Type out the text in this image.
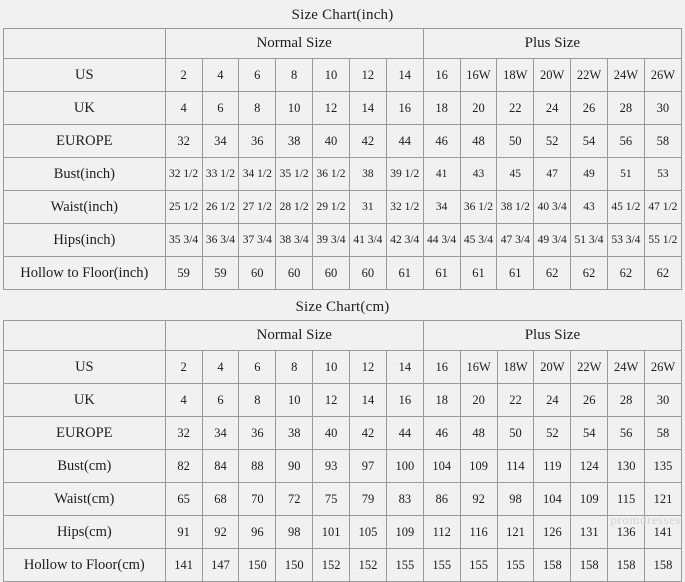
Size Chart(inch)														
	Normal Size							Plus Size						
US	2	4	6	8	10	12	14	16	16W	18W	20W	22W	24W	26W
UK	4	6	8	10	12	14	16	18	20	22	24	26	28	30
EUROPE	32	34	36	38	40	42	44	46	48	50	52	54	56	58
Bust(inch)	32 1/2	33 1/2	34 1/2	35 1/2	36 1/2	38	39 1/2	41	43	45	47	49	51	53
Waist(inch)	25 1/2	26 1/2	27 1/2	28 1/2	29 1/2	31	32 1/2	34	36 1/2	38 1/2	40 3/4	43	45 1/2	47 1/2
Hips(inch)	35 3/4	36 3/4	37 3/4	38 3/4	39 3/4	41 3/4	42 3/4	44 3/4	45 3/4	47 3/4	49 3/4	51 3/4	53 3/4	55 1/2
Hollow to Floor(inch)	59	59	60	60	60	60	61	61	61	61	62	62	62	62
Size Chart(cm)														
	Normal Size							Plus Size						
US	2	4	6	8	10	12	14	16	16W	18W	20W	22W	24W	26W
UK	4	6	8	10	12	14	16	18	20	22	24	26	28	30
EUROPE	32	34	36	38	40	42	44	46	48	50	52	54	56	58
Bust(cm)	82	84	88	90	93	97	100	104	109	114	119	124	130	135
Waist(cm)	65	68	70	72	75	79	83	86	92	98	104	109	115	121
Hips(cm)	91	92	96	98	101	105	109	112	116	121	126	131	136	141
Hollow to Floor(cm)	141	147	150	150	152	152	155	155	155	155	158	158	158	158
promdresses
